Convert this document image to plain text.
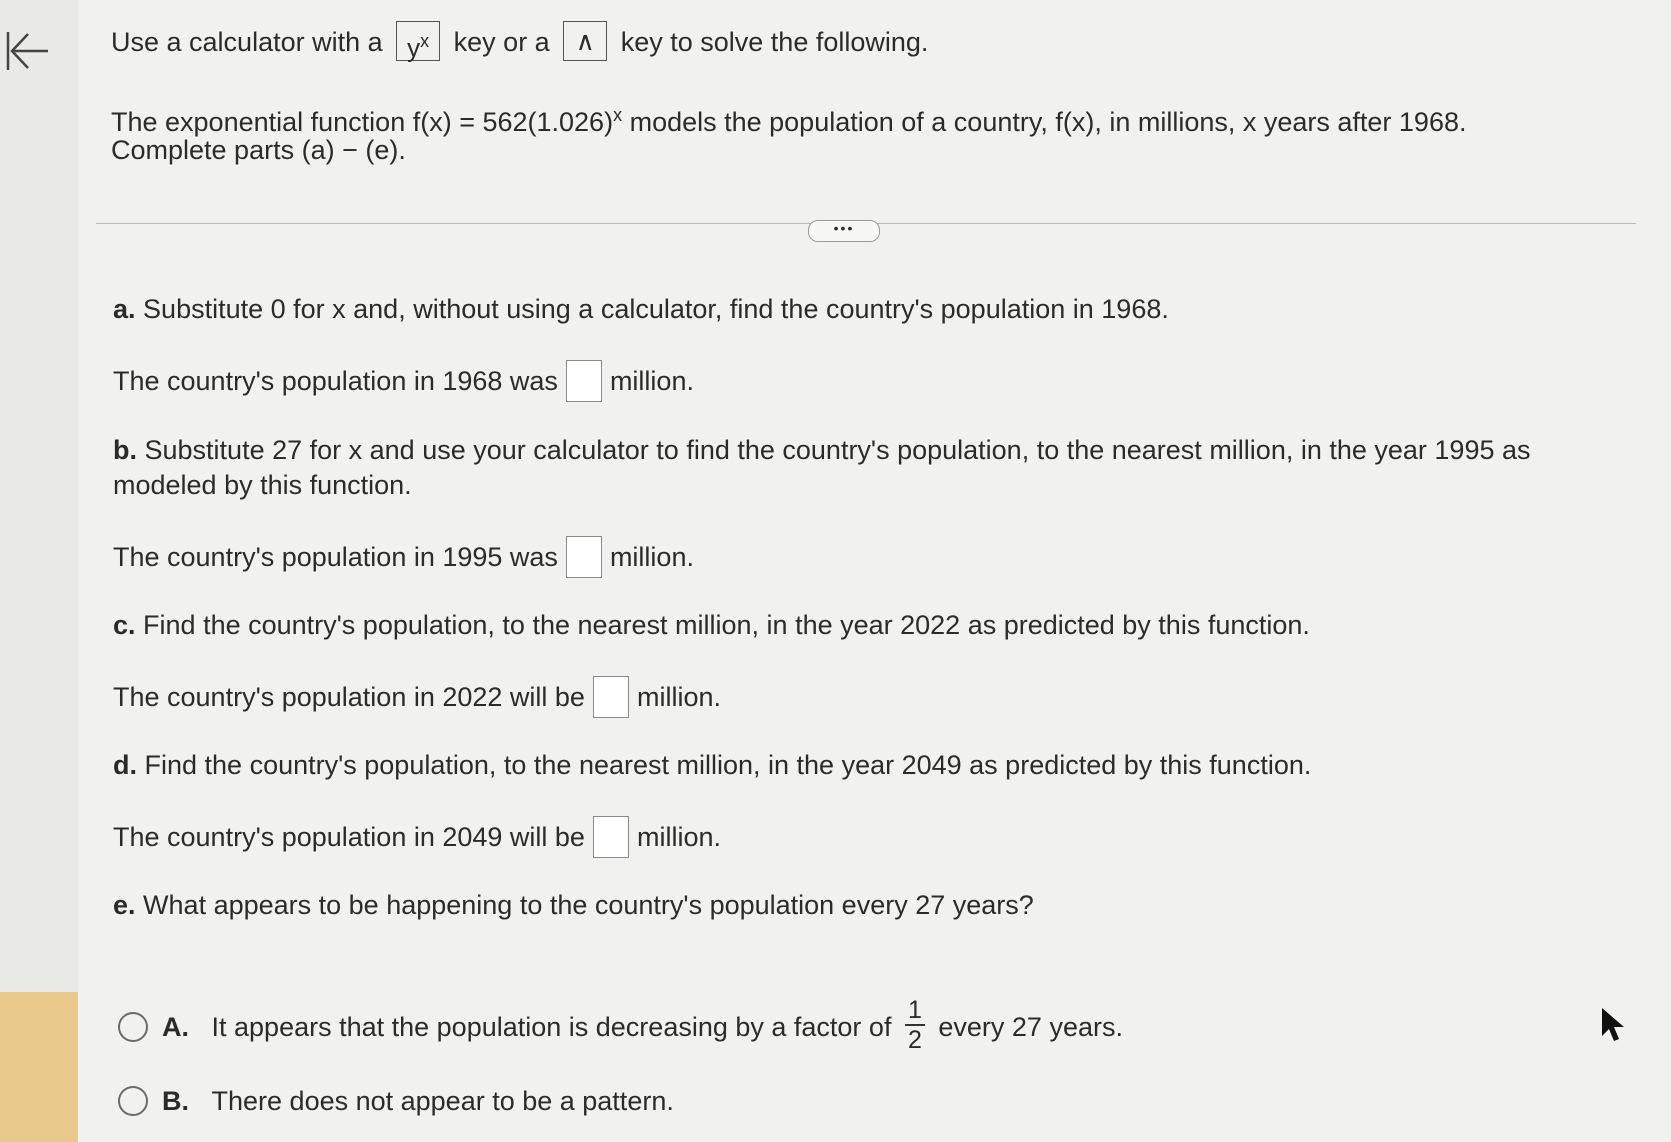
Use a calculator with a $y^x$ key or a ∧ key to solve the following.
The exponential function $f(x) = 562(1.026)^x$ models the population of a country, f(x), in millions, x years after 1968.
Complete parts (a) − (e).
•••
a. Substitute 0 for x and, without using a calculator, find the country's population in 1968.
The country's population in 1968 was million.
b. Substitute 27 for x and use your calculator to find the country's population, to the nearest million, in the year 1995 as
modeled by this function.
The country's population in 1995 was million.
c. Find the country's population, to the nearest million, in the year 2022 as predicted by this function.
The country's population in 2022 will be million.
d. Find the country's population, to the nearest million, in the year 2049 as predicted by this function.
The country's population in 2049 will be million.
e. What appears to be happening to the country's population every 27 years?
A. It appears that the population is decreasing by a factor of $\frac{1}{2}$ every 27 years.
B. There does not appear to be a pattern.
